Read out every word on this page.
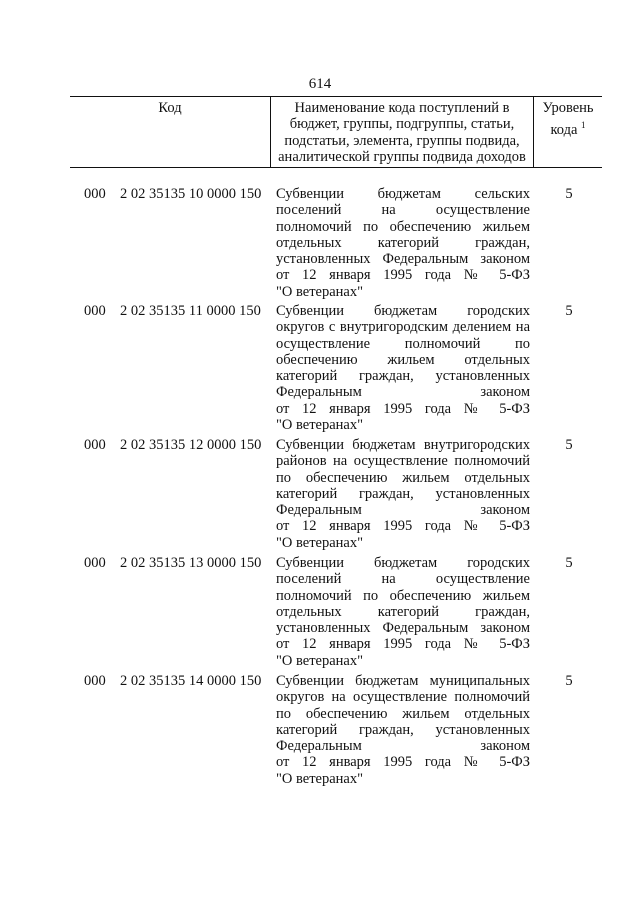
614
Код	Наименование кода поступлений в
бюджет, группы, подгруппы, статьи,
подстатьи, элемента, группы подвида,
аналитической группы подвида доходов
Уровень
кода $^1$
000 2 02 35135 10 0000 150 Субвенции бюджетам сельских
поселений на осуществление
полномочий по обеспечению жильем
отдельных категорий граждан,
установленных Федеральным законом
от 12 января 1995 года № 5-ФЗ
"О ветеранах"
5
000 2 02 35135 11 0000 150 Субвенции бюджетам городских
округов с внутригородским делением на
осуществление полномочий по
обеспечению жильем отдельных
категорий граждан, установленных
Федеральным законом
от 12 января 1995 года № 5-ФЗ
"О ветеранах"
5
000 2 02 35135 12 0000 150 Субвенции бюджетам внутригородских
районов на осуществление полномочий
по обеспечению жильем отдельных
категорий граждан, установленных
Федеральным законом
от 12 января 1995 года № 5-ФЗ
"О ветеранах"
5
000 2 02 35135 13 0000 150 Субвенции бюджетам городских
поселений на осуществление
полномочий по обеспечению жильем
отдельных категорий граждан,
установленных Федеральным законом
от 12 января 1995 года № 5-ФЗ
"О ветеранах"
5
000 2 02 35135 14 0000 150 Субвенции бюджетам муниципальных
округов на осуществление полномочий
по обеспечению жильем отдельных
категорий граждан, установленных
Федеральным законом
от 12 января 1995 года № 5-ФЗ
"О ветеранах"
5
